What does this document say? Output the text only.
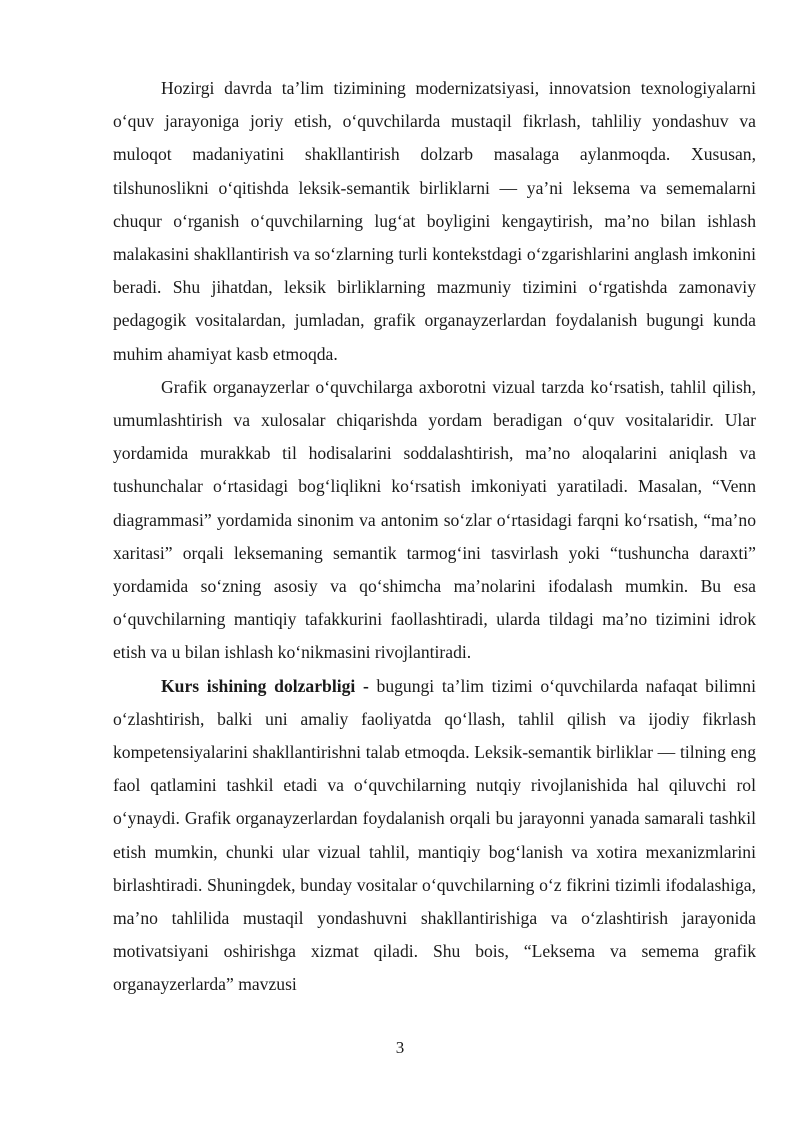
Hozirgi davrda ta’lim tizimining modernizatsiyasi, innovatsion texnologiyalarni o‘quv jarayoniga joriy etish, o‘quvchilarda mustaqil fikrlash, tahliliy yondashuv va muloqot madaniyatini shakllantirish dolzarb masalaga aylanmoqda. Xususan, tilshunoslikni o‘qitishda leksik-semantik birliklarni — ya’ni leksema va sememalarni chuqur o‘rganish o‘quvchilarning lug‘at boyligini kengaytirish, ma’no bilan ishlash malakasini shakllantirish va so‘zlarning turli kontekstdagi o‘zgarishlarini anglash imkonini beradi. Shu jihatdan, leksik birliklarning mazmuniy tizimini o‘rgatishda zamonaviy pedagogik vositalardan, jumladan, grafik organayzerlardan foydalanish bugungi kunda muhim ahamiyat kasb etmoqda.

Grafik organayzerlar o‘quvchilarga axborotni vizual tarzda ko‘rsatish, tahlil qilish, umumlashtirish va xulosalar chiqarishda yordam beradigan o‘quv vositalaridir. Ular yordamida murakkab til hodisalarini soddalashtirish, ma’no aloqalarini aniqlash va tushunchalar o‘rtasidagi bog‘liqlikni ko‘rsatish imkoniyati yaratiladi. Masalan, “Venn diagrammasi” yordamida sinonim va antonim so‘zlar o‘rtasidagi farqni ko‘rsatish, “ma’no xaritasi” orqali leksemaning semantik tarmog‘ini tasvirlash yoki “tushuncha daraxti” yordamida so‘zning asosiy va qo‘shimcha ma’nolarini ifodalash mumkin. Bu esa o‘quvchilarning mantiqiy tafakkurini faollashtiradi, ularda tildagi ma’no tizimini idrok etish va u bilan ishlash ko‘nikmasini rivojlantiradi.

Kurs ishining dolzarbligi - bugungi ta’lim tizimi o‘quvchilarda nafaqat bilimni o‘zlashtirish, balki uni amaliy faoliyatda qo‘llash, tahlil qilish va ijodiy fikrlash kompetensiyalarini shakllantirishni talab etmoqda. Leksik-semantik birliklar — tilning eng faol qatlamini tashkil etadi va o‘quvchilarning nutqiy rivojlanishida hal qiluvchi rol o‘ynaydi. Grafik organayzerlardan foydalanish orqali bu jarayonni yanada samarali tashkil etish mumkin, chunki ular vizual tahlil, mantiqiy bog‘lanish va xotira mexanizmlarini birlashtiradi. Shuningdek, bunday vositalar o‘quvchilarning o‘z fikrini tizimli ifodalashiga, ma’no tahlilida mustaqil yondashuvni shakllantirishiga va o‘zlashtirish jarayonida motivatsiyani oshirishga xizmat qiladi. Shu bois, “Leksema va semema grafik organayzerlarda” mavzusi

3
